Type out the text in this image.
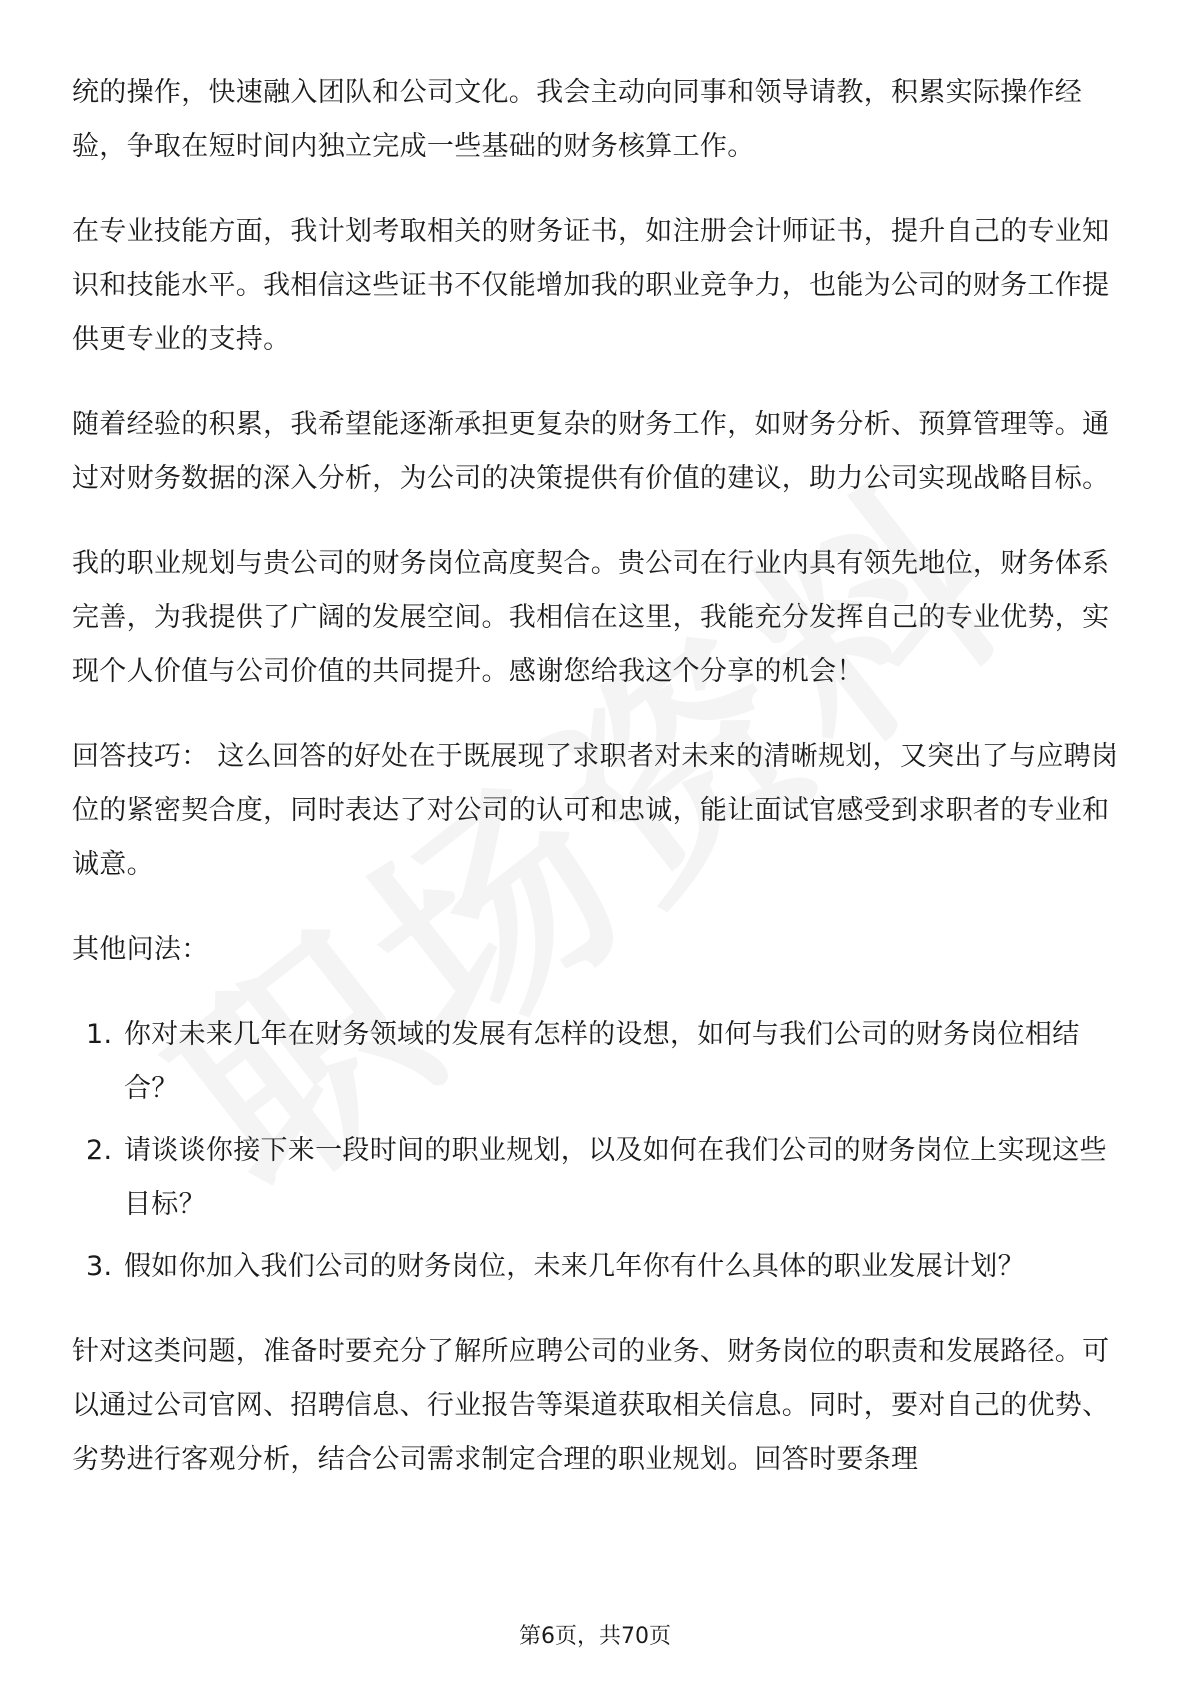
统的操作，快速融入团队和公司文化。我会主动向同事和领导请教，积累实际操作经验，争取在短时间内独立完成一些基础的财务核算工作。

在专业技能方面，我计划考取相关的财务证书，如注册会计师证书，提升自己的专业知识和技能水平。我相信这些证书不仅能增加我的职业竞争力，也能为公司的财务工作提供更专业的支持。

随着经验的积累，我希望能逐渐承担更复杂的财务工作，如财务分析、预算管理等。通过对财务数据的深入分析，为公司的决策提供有价值的建议，助力公司实现战略目标。

我的职业规划与贵公司的财务岗位高度契合。贵公司在行业内具有领先地位，财务体系完善，为我提供了广阔的发展空间。我相信在这里，我能充分发挥自己的专业优势，实现个人价值与公司价值的共同提升。感谢您给我这个分享的机会！

回答技巧： 这么回答的好处在于既展现了求职者对未来的清晰规划，又突出了与应聘岗位的紧密契合度，同时表达了对公司的认可和忠诚，能让面试官感受到求职者的专业和诚意。

其他问法：

1. 你对未来几年在财务领域的发展有怎样的设想，如何与我们公司的财务岗位相结合？
2. 请谈谈你接下来一段时间的职业规划，以及如何在我们公司的财务岗位上实现这些目标？
3. 假如你加入我们公司的财务岗位，未来几年你有什么具体的职业发展计划？

针对这类问题，准备时要充分了解所应聘公司的业务、财务岗位的职责和发展路径。可以通过公司官网、招聘信息、行业报告等渠道获取相关信息。同时，要对自己的优势、劣势进行客观分析，结合公司需求制定合理的职业规划。回答时要条理

第6页，共70页
